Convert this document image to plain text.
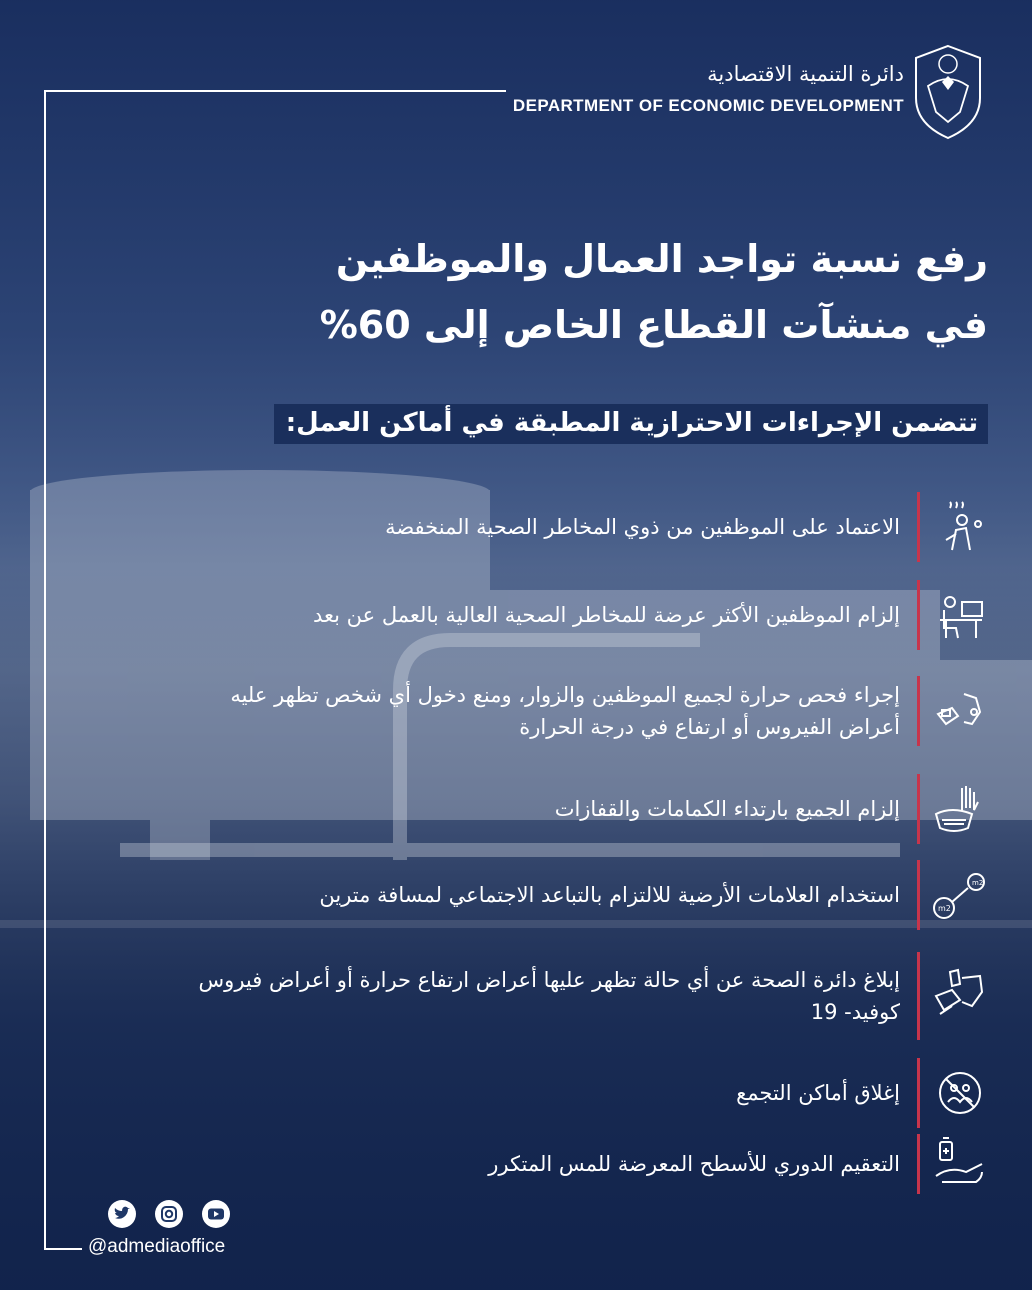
دائرة التنمية الاقتصادية
DEPARTMENT OF ECONOMIC DEVELOPMENT
رفع نسبة تواجد العمال والموظفين
في منشآت القطاع الخاص إلى 60%
تتضمن الإجراءات الاحترازية المطبقة في أماكن العمل:
الاعتماد على الموظفين من ذوي المخاطر الصحية المنخفضة
إلزام الموظفين الأكثر عرضة للمخاطر الصحية العالية بالعمل عن بعد
إجراء فحص حرارة لجميع الموظفين والزوار، ومنع دخول أي شخص تظهر عليه أعراض الفيروس أو ارتفاع في درجة الحرارة
إلزام الجميع بارتداء الكمامات والقفازات
m2
m2
استخدام العلامات الأرضية للالتزام بالتباعد الاجتماعي لمسافة مترين
إبلاغ دائرة الصحة عن أي حالة تظهر عليها أعراض ارتفاع حرارة أو أعراض فيروس كوفيد- 19
إغلاق أماكن التجمع
التعقيم الدوري للأسطح المعرضة للمس المتكرر

@admediaoffice
